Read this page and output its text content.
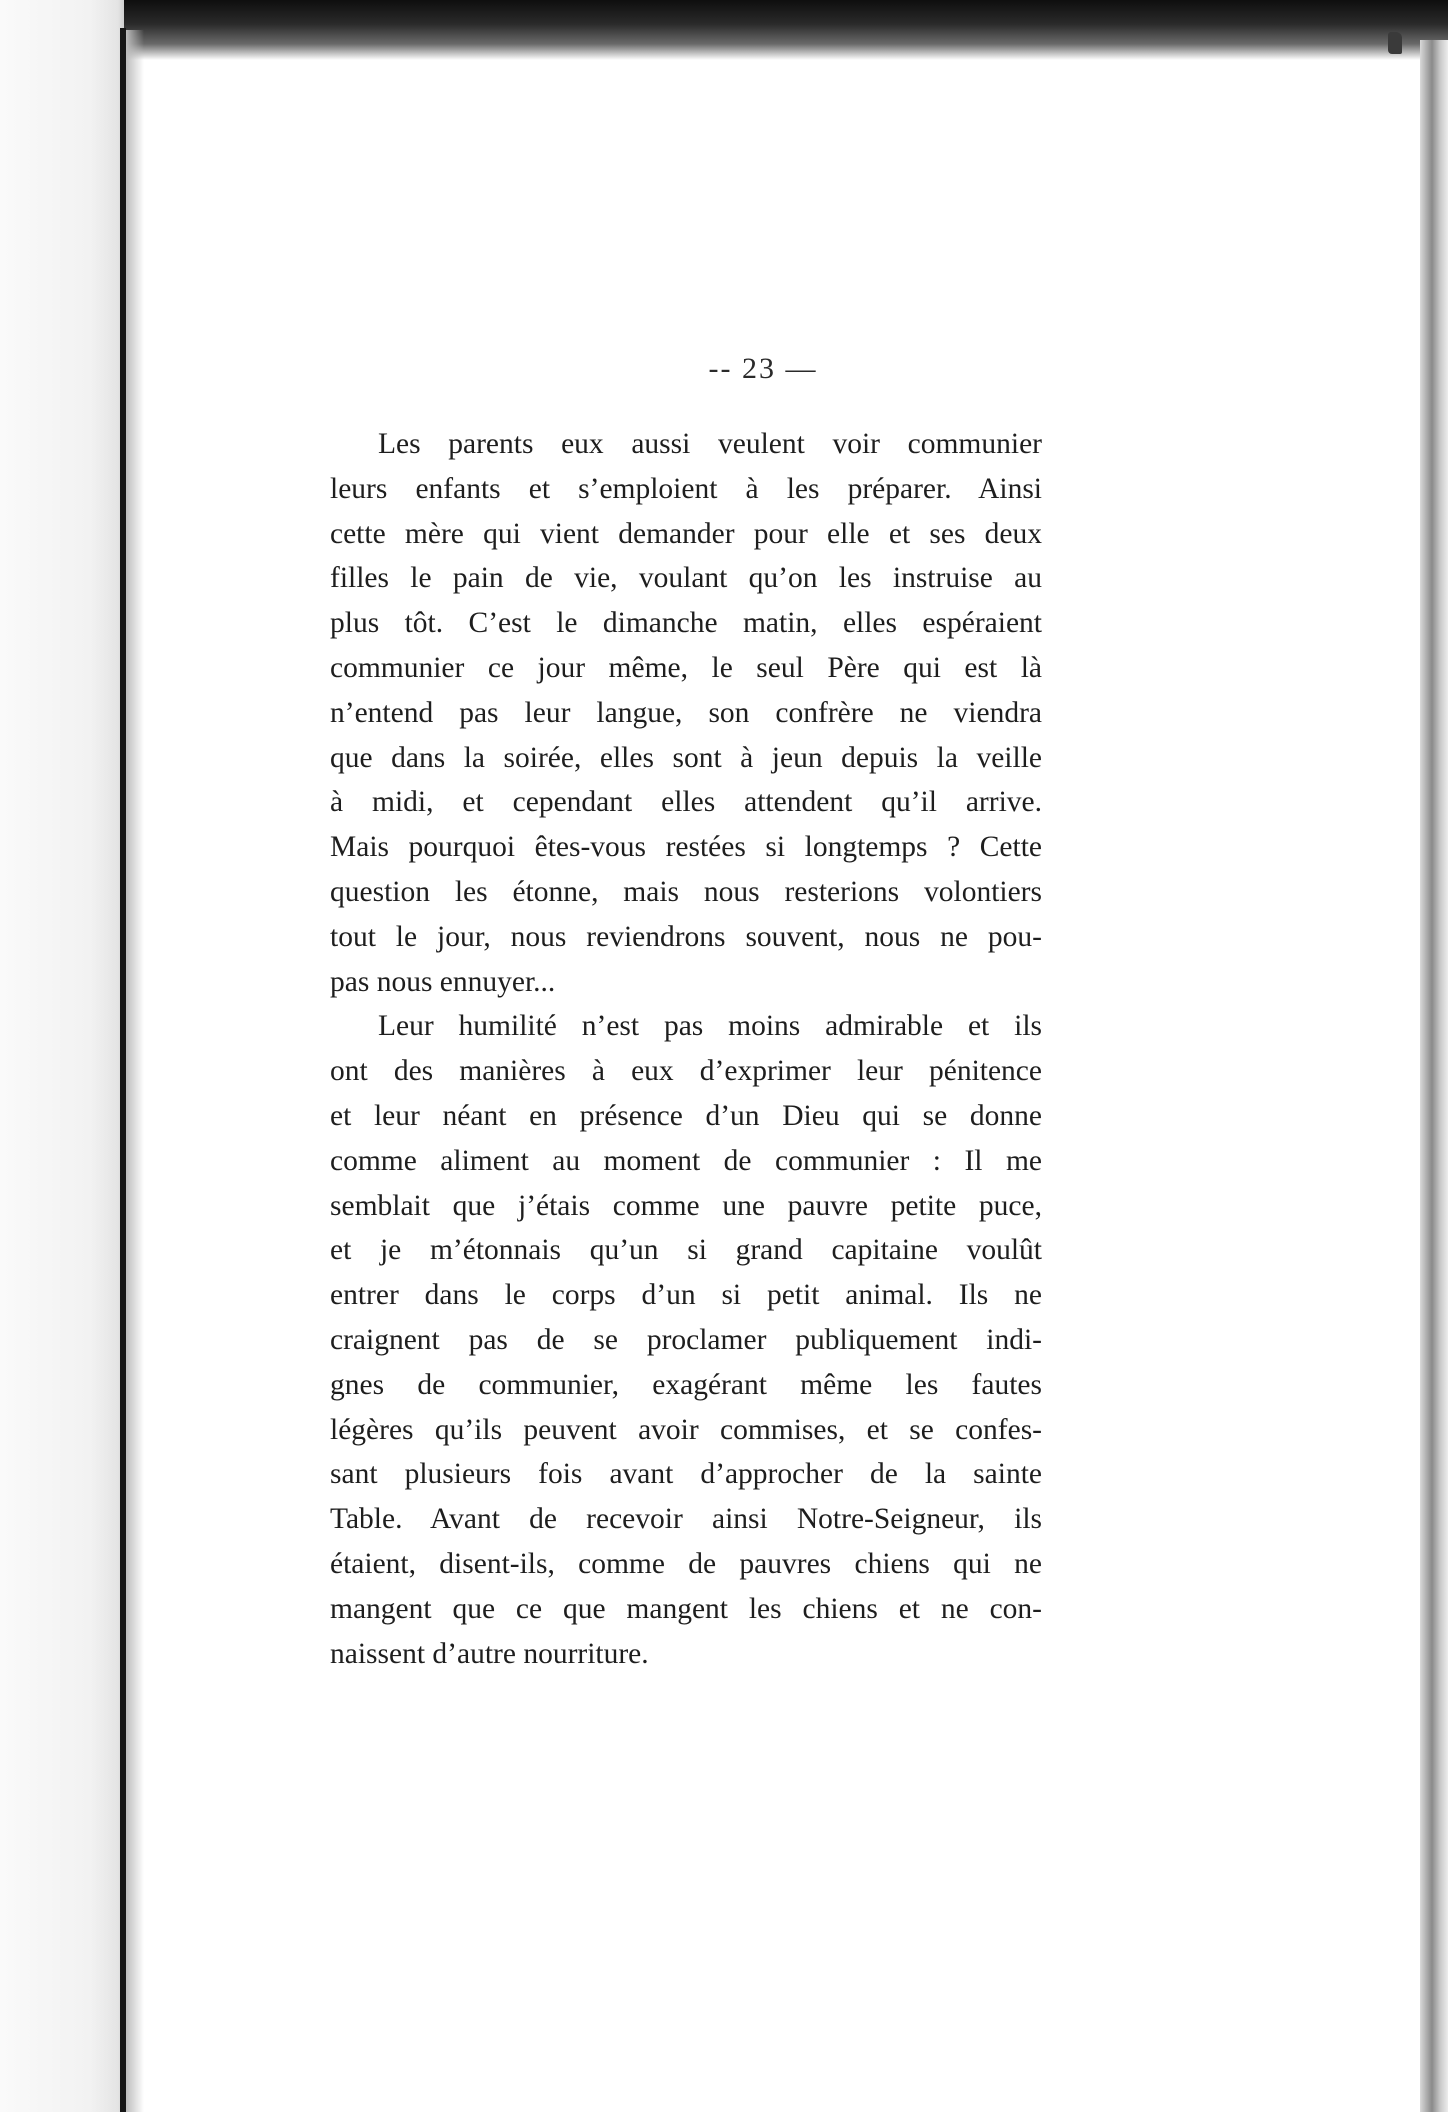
-- 23 —

Les parents eux aussi veulent voir communier
leurs enfants et s’emploient à les préparer. Ainsi
cette mère qui vient demander pour elle et ses deux
filles le pain de vie, voulant qu’on les instruise au
plus tôt. C’est le dimanche matin, elles espéraient
communier ce jour même, le seul Père qui est là
n’entend pas leur langue, son confrère ne viendra
que dans la soirée, elles sont à jeun depuis la veille
à midi, et cependant elles attendent qu’il arrive.
Mais pourquoi êtes-vous restées si longtemps ? Cette
question les étonne, mais nous resterions volontiers
tout le jour, nous reviendrons souvent, nous ne pou-
pas nous ennuyer...

Leur humilité n’est pas moins admirable et ils
ont des manières à eux d’exprimer leur pénitence
et leur néant en présence d’un Dieu qui se donne
comme aliment au moment de communier : Il me
semblait que j’étais comme une pauvre petite puce,
et je m’étonnais qu’un si grand capitaine voulût
entrer dans le corps d’un si petit animal. Ils ne
craignent pas de se proclamer publiquement indi-
gnes de communier, exagérant même les fautes
légères qu’ils peuvent avoir commises, et se confes-
sant plusieurs fois avant d’approcher de la sainte
Table. Avant de recevoir ainsi Notre-Seigneur, ils
étaient, disent-ils, comme de pauvres chiens qui ne
mangent que ce que mangent les chiens et ne con-
naissent d’autre nourriture.
